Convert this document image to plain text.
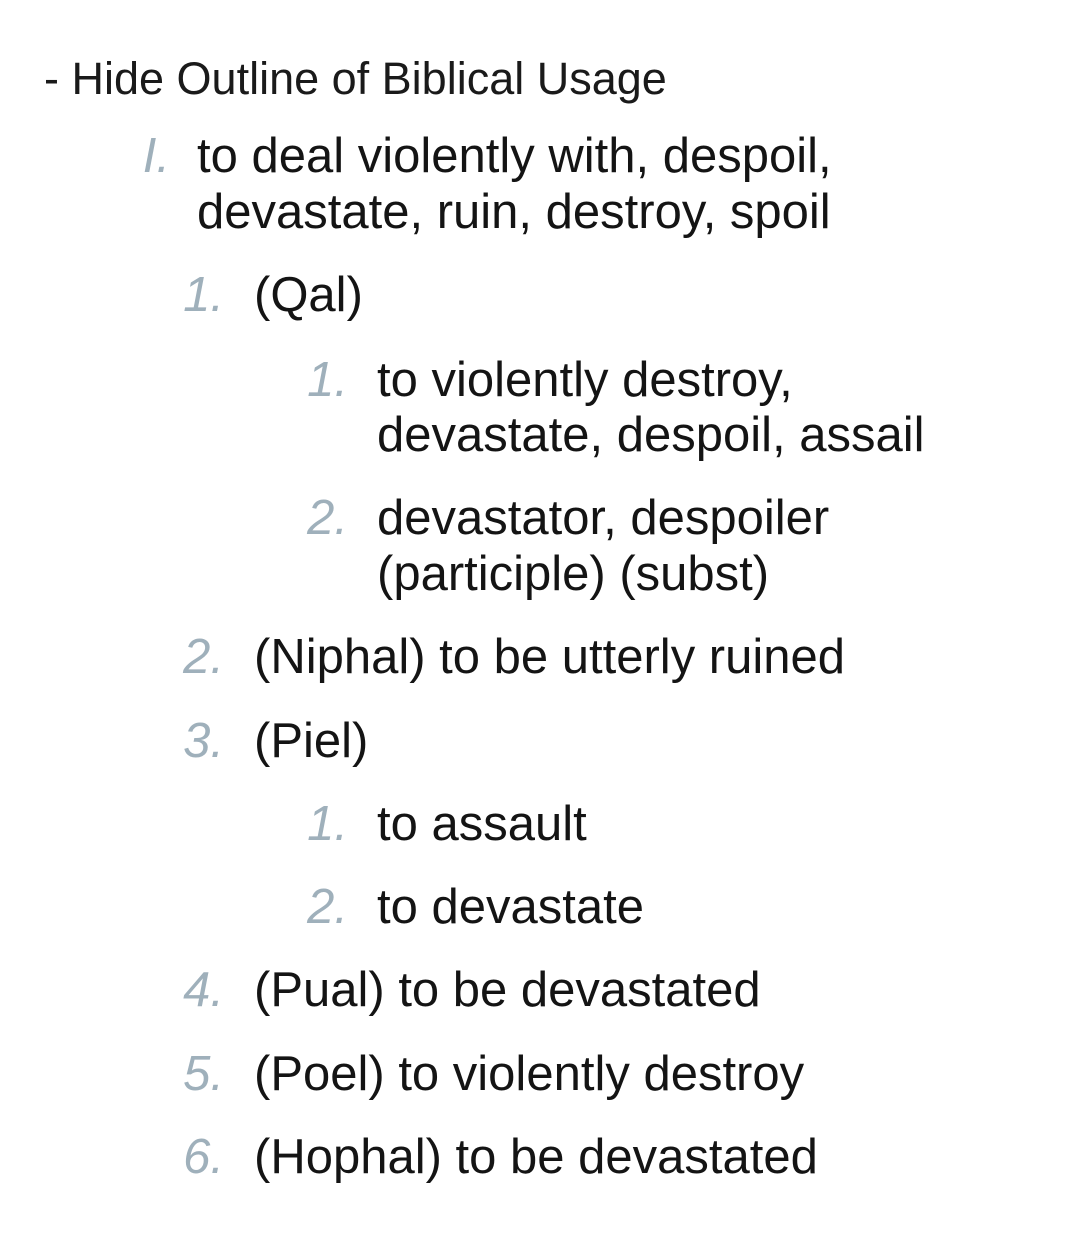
- Hide Outline of Biblical Usage
I. to deal violently with, despoil,
devastate, ruin, destroy, spoil
1. (Qal)
1. to violently destroy,
devastate, despoil, assail
2. devastator, despoiler
(participle) (subst)
2. (Niphal) to be utterly ruined
3. (Piel)
1. to assault
2. to devastate
4. (Pual) to be devastated
5. (Poel) to violently destroy
6. (Hophal) to be devastated
